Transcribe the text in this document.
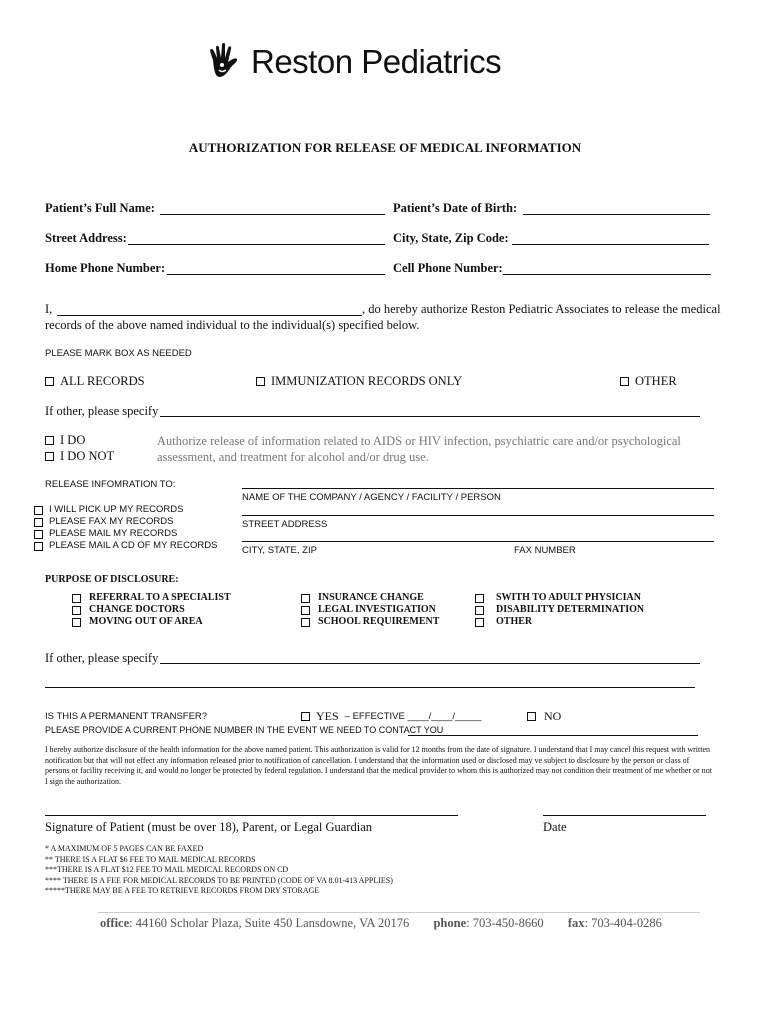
Reston Pediatrics
AUTHORIZATION FOR RELEASE OF MEDICAL INFORMATION
Patient’s Full Name:	Patient’s Date of Birth:
Street Address:	City, State, Zip Code:
Home Phone Number:	Cell Phone Number:
I,	, do hereby authorize Reston Pediatric Associates to release the medical
records of the above named individual to the individual(s) specified below.
PLEASE MARK BOX AS NEEDED
ALL RECORDS	IMMUNIZATION RECORDS ONLY	OTHER
If other, please specify
I DO
I DO NOT
Authorize release of information related to AIDS or HIV infection, psychiatric care and/or psychological assessment, and treatment for alcohol and/or drug use.
RELEASE INFOMRATION TO:
NAME OF THE COMPANY / AGENCY / FACILITY / PERSON
STREET ADDRESS
CITY, STATE, ZIP	FAX NUMBER
I WILL PICK UP MY RECORDS
PLEASE FAX MY RECORDS
PLEASE MAIL MY RECORDS
PLEASE MAIL A CD OF MY RECORDS
PURPOSE OF DISCLOSURE:
REFERRAL TO A SPECIALIST
CHANGE DOCTORS
MOVING OUT OF AREA
INSURANCE CHANGE
LEGAL INVESTIGATION
SCHOOL REQUIREMENT
SWITH TO ADULT PHYSICIAN
DISABILITY DETERMINATION
OTHER
If other, please specify
IS THIS A PERMANENT TRANSFER?	YES – EFFECTIVE ____/____/_____	NO
PLEASE PROVIDE A CURRENT PHONE NUMBER IN THE EVENT WE NEED TO CONTACT YOU
I hereby authorize disclosure of the health information for the above named patient. This authorization is valid for 12 months from the date of signature. I understand that I may cancel this request with written notification but that will not effect any information released prior to notification of cancellation. I understand that the information used or disclosed may ve subject to disclosure by the person or class of persons or facility receiving it, and would no longer be protected by federal regulation. I understand that the medical provider to whom this is authorized may not condition their treatment of me whether or not I sign the authorization.
Signature of Patient (must be over 18), Parent, or Legal Guardian	Date
* A MAXIMUM OF 5 PAGES CAN BE FAXED
** THERE IS A FLAT $6 FEE TO MAIL MEDICAL RECORDS
***THERE IS A FLAT $12 FEE TO MAIL MEDICAL RECORDS ON CD
**** THERE IS A FEE FOR MEDICAL RECORDS TO BE PRINTED (CODE OF VA 8.01-413 APPLIES)
*****THERE MAY BE A FEE TO RETRIEVE RECORDS FROM DRY STORAGE
office: 44160 Scholar Plaza, Suite 450 Lansdowne, VA 20176 phone: 703-450-8660 fax: 703-404-0286
